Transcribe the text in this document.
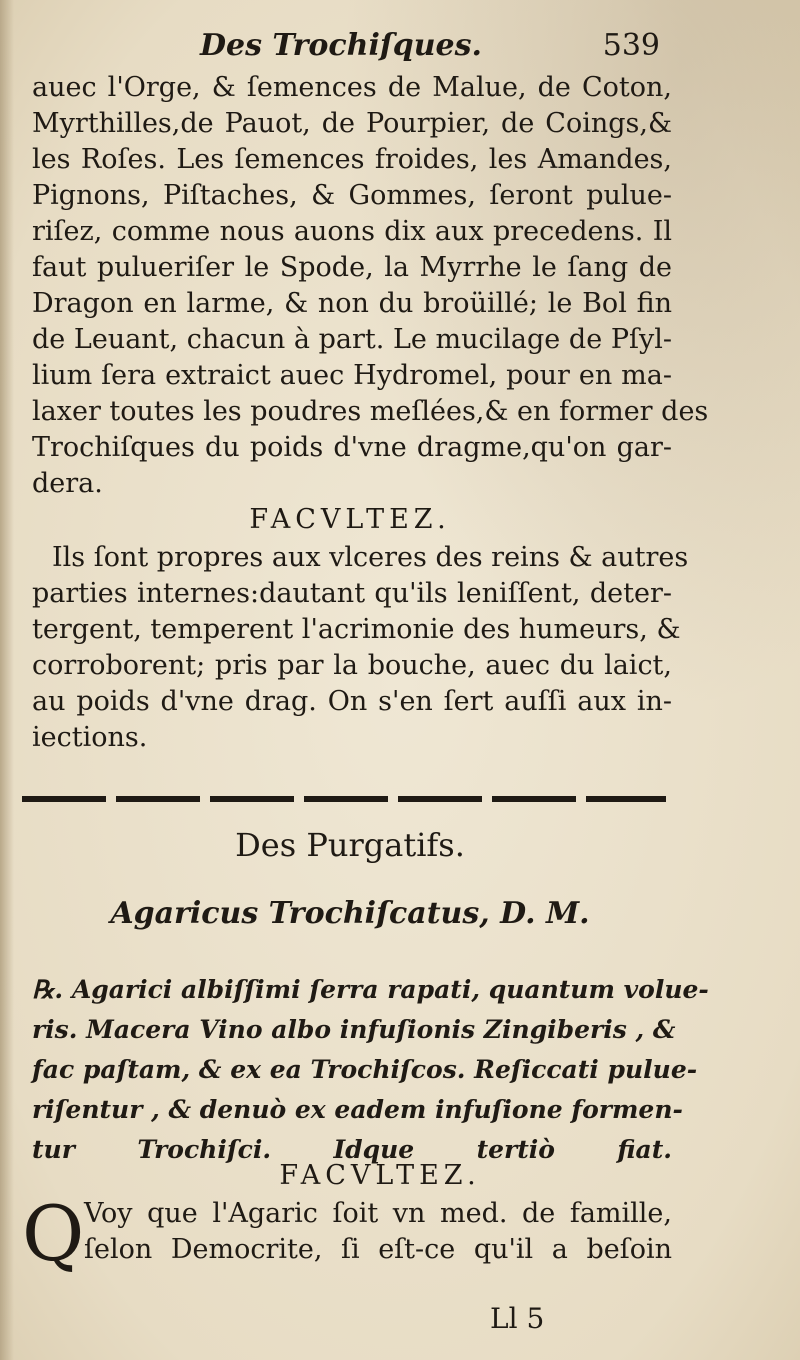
Des Trochiſques.	539
auec l'Orge, & ſemences de Malue, de Coton,
Myrthilles,de Pauot, de Pourpier, de Coings,&
les Roſes. Les ſemences froides, les Amandes,
Pignons, Piſtaches, & Gommes, ſeront pulue-
riſez, comme nous auons dix aux precedens. Il
faut pulueriſer le Spode, la Myrrhe le ſang de
Dragon en larme, & non du broüillé; le Bol fin
de Leuant, chacun à part. Le mucilage de Pſyl-
lium ſera extraict auec Hydromel, pour en ma-
laxer toutes les poudres meſlées,& en former des
Trochiſques du poids d'vne dragme,qu'on gar-
dera.
FACVLTEZ.
Ils ſont propres aux vlceres des reins & autres
parties internes:dautant qu'ils leniſſent, deter-
tergent, temperent l'acrimonie des humeurs, &
corroborent; pris par la bouche, auec du laict,
au poids d'vne drag. On s'en ſert auſſi aux in-
iections.
Des Purgatifs.
Agaricus Trochiſcatus, D. M.
℞. Agarici albiſſimi ſerra rapati, quantum volue-
ris. Macera Vino albo infuſionis Zingiberis , &
fac paſtam, & ex ea Trochiſcos. Reſiccati pulue-
riſentur , & denuò ex eadem infuſione formen-
tur Trochiſci. Idque tertiò fiat.
FACVLTEZ.
Q Voy que l'Agaric ſoit vn med. de famille,
ſelon Democrite, ſi eſt-ce qu'il a beſoin
Ll 5
